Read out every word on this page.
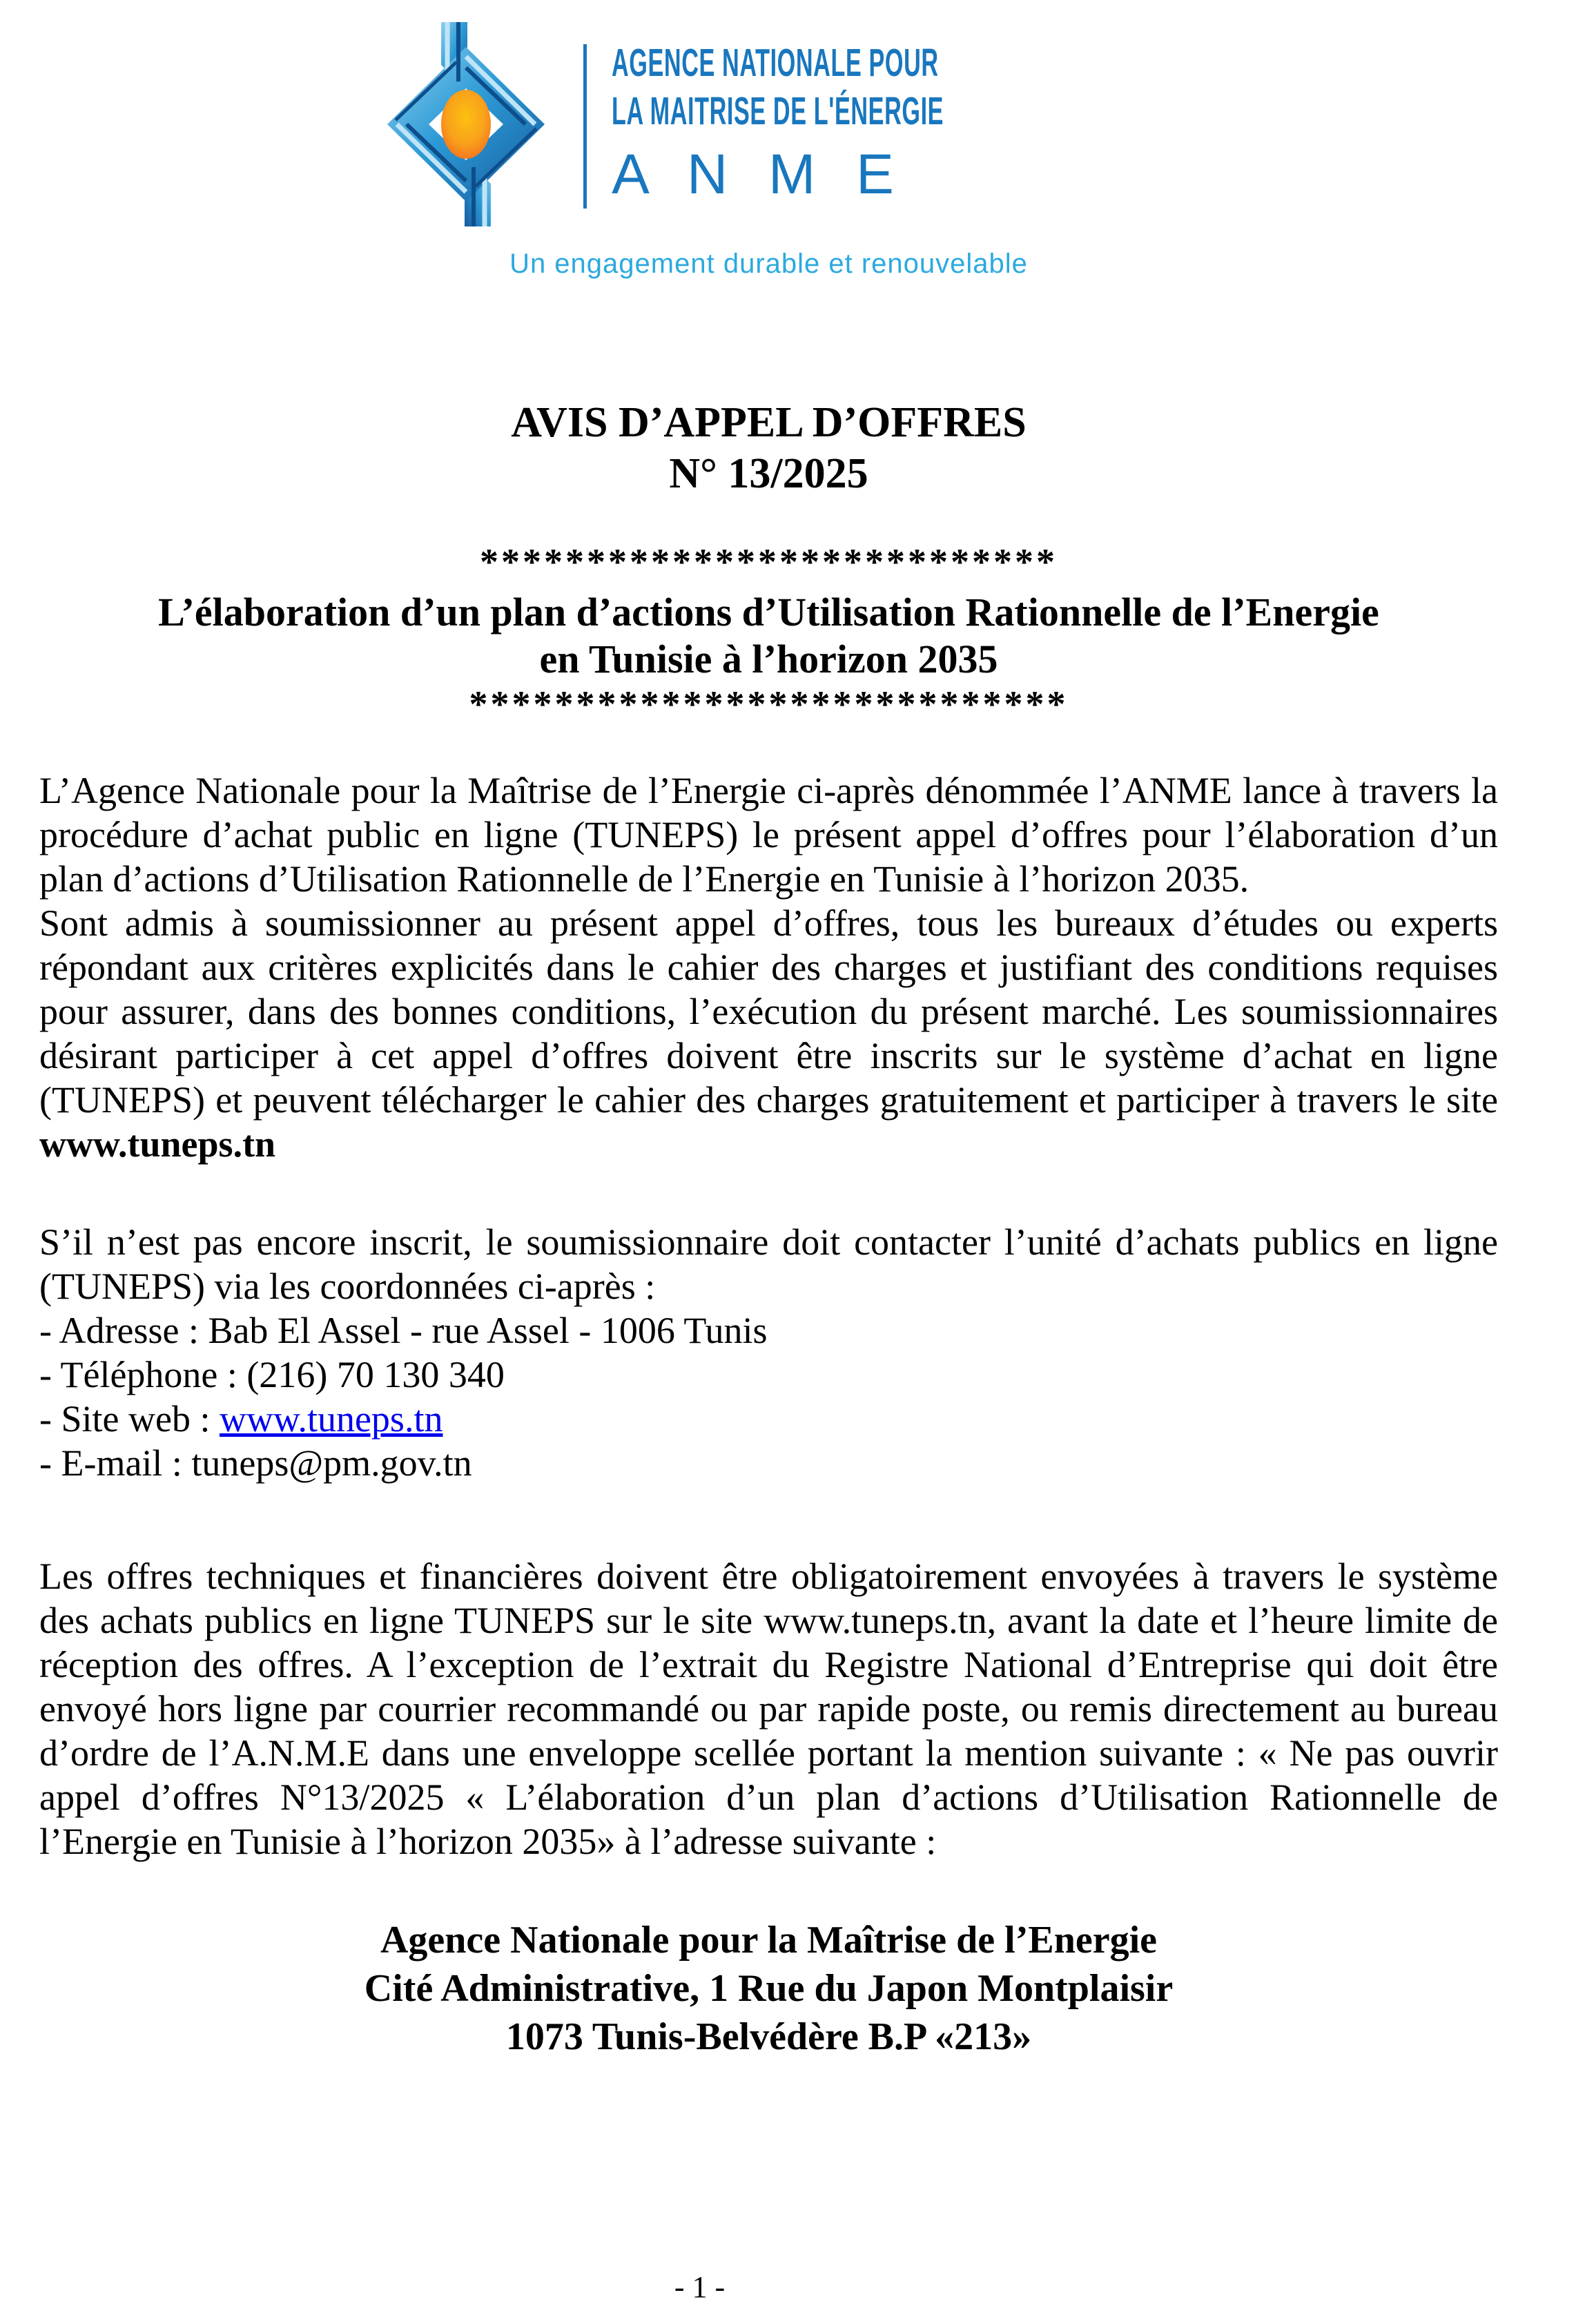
AGENCE NATIONALE POUR
LA MAITRISE DE L'ÉNERGIE
A N M E
Un engagement durable et renouvelable
AVIS D’APPEL D’OFFRES
N° 13/2025
***************************
L’élaboration d’un plan d’actions d’Utilisation Rationnelle de l’Energie
en Tunisie à l’horizon 2035
****************************
L’Agence Nationale pour la Maîtrise de l’Energie ci-après dénommée l’ANME lance à travers la procédure d’achat public en ligne (TUNEPS) le présent appel d’offres pour l’élaboration d’un plan d’actions d’Utilisation Rationnelle de l’Energie en Tunisie à l’horizon 2035.
Sont admis à soumissionner au présent appel d’offres, tous les bureaux d’études ou experts répondant aux critères explicités dans le cahier des charges et justifiant des conditions requises pour assurer, dans des bonnes conditions, l’exécution du présent marché. Les soumissionnaires désirant participer à cet appel d’offres doivent être inscrits sur le système d’achat en ligne (TUNEPS) et peuvent télécharger le cahier des charges gratuitement et participer à travers le site www.tuneps.tn
S’il n’est pas encore inscrit, le soumissionnaire doit contacter l’unité d’achats publics en ligne (TUNEPS) via les coordonnées ci-après :
- Adresse : Bab El Assel - rue Assel - 1006 Tunis
- Téléphone : (216) 70 130 340
- Site web : www.tuneps.tn
- E-mail : tuneps@pm.gov.tn
Les offres techniques et financières doivent être obligatoirement envoyées à travers le système des achats publics en ligne TUNEPS sur le site www.tuneps.tn, avant la date et l’heure limite de réception des offres. A l’exception de l’extrait du Registre National d’Entreprise qui doit être envoyé hors ligne par courrier recommandé ou par rapide poste, ou remis directement au bureau d’ordre de l’A.N.M.E dans une enveloppe scellée portant la mention suivante : « Ne pas ouvrir appel d’offres N°13/2025 « L’élaboration d’un plan d’actions d’Utilisation Rationnelle de l’Energie en Tunisie à l’horizon 2035» à l’adresse suivante :
Agence Nationale pour la Maîtrise de l’Energie
Cité Administrative, 1 Rue du Japon Montplaisir
1073 Tunis-Belvédère B.P «213»
- 1 -
